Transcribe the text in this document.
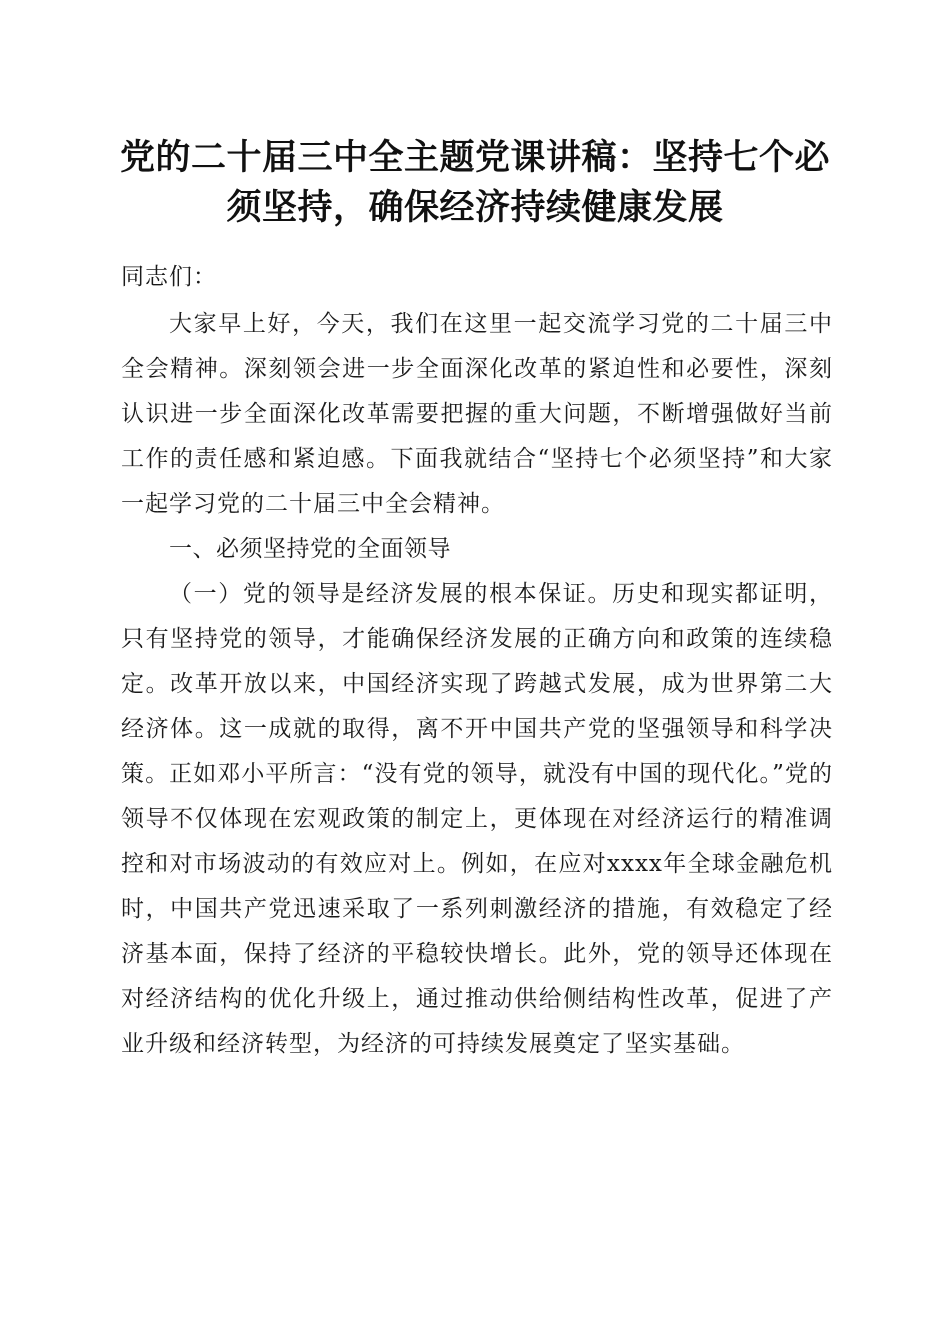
党的二十届三中全主题党课讲稿：坚持七个必
须坚持，确保经济持续健康发展

同志们：

大家早上好，今天，我们在这里一起交流学习党的二十届三中全会精神。深刻领会进一步全面深化改革的紧迫性和必要性，深刻认识进一步全面深化改革需要把握的重大问题，不断增强做好当前工作的责任感和紧迫感。下面我就结合“坚持七个必须坚持”和大家一起学习党的二十届三中全会精神。

一、必须坚持党的全面领导

（一）党的领导是经济发展的根本保证。历史和现实都证明，只有坚持党的领导，才能确保经济发展的正确方向和政策的连续稳定。改革开放以来，中国经济实现了跨越式发展，成为世界第二大经济体。这一成就的取得，离不开中国共产党的坚强领导和科学决策。正如邓小平所言：“没有党的领导，就没有中国的现代化。”党的领导不仅体现在宏观政策的制定上，更体现在对经济运行的精准调控和对市场波动的有效应对上。例如，在应对xxxx年全球金融危机时，中国共产党迅速采取了一系列刺激经济的措施，有效稳定了经济基本面，保持了经济的平稳较快增长。此外，党的领导还体现在对经济结构的优化升级上，通过推动供给侧结构性改革，促进了产业升级和经济转型，为经济的可持续发展奠定了坚实基础。
